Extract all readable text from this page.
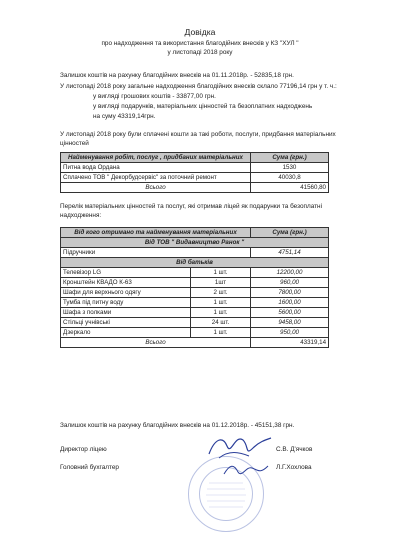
Довідка
про надходження та використання благодійних внесків у КЗ "ХУЛ "
у листопаді 2018 року
Залишок коштів на рахунку благодійних внесків на 01.11.2018р. - 52835,18 грн.
У листопаді 2018 року загальне надходження благодійних внесків склало 77196,14 грн у т. ч.:
у вигляді грошових коштів - 33877,00 грн.
у вигляді подарунків, матеріальних цінностей та безоплатних надходжень
на суму 43319,14грн.
У листопаді 2018 року були сплачені кошти за такі роботи, послуги, придбання матеріальних
цінностей
Найменування робіт, послуг , придбаних матеріальних	Сума (грн.)
Питна вода Ордана	1530
Сплачено ТОВ " Декорбудсервіс" за поточний ремонт	40030,8
Всього	41560,80
Перелік матеріальних цінностей та послуг, які отримав ліцей як подарунки та безоплатні
надходження:
Від кого отримано та найменування матеріальних		Сума (грн.)
Від ТОВ " Видавництво Ранок "		
Підручники		4751,14
Від батьків		
Телевізор LG	1 шт.	12200,00
Кронштейн КВАДО К-63	1шт	960,00
Шафи для верхнього одягу	2 шт.	7800,00
Тумба під питну воду	1 шт.	1600,00
Шафа з полками	1 шт.	5600,00
Стільці учнівські	24 шт.	9458,00
Дзеркало	1 шт.	950,00
Всього		43319,14
Залишок коштів на рахунку благодійних внесків на 01.12.2018р. - 45151,38 грн.
Директор ліцею	С.В. Д'ячков
Головний бухгалтер	Л.Г.Хохлова
